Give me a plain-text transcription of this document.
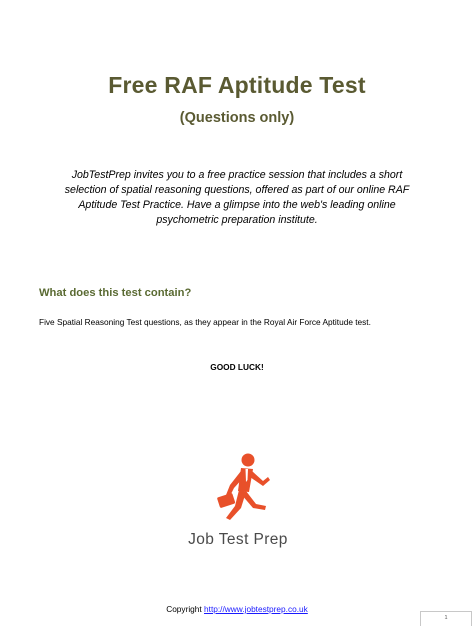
Free RAF Aptitude Test
(Questions only)
JobTestPrep invites you to a free practice session that includes a short
selection of spatial reasoning questions, offered as part of our online RAF
Aptitude Test Practice. Have a glimpse into the web's leading online
psychometric preparation institute.
What does this test contain?
Five Spatial Reasoning Test questions, as they appear in the Royal Air Force Aptitude test.
GOOD LUCK!
Job Test Prep
Copyright http://www.jobtestprep.co.uk
1
